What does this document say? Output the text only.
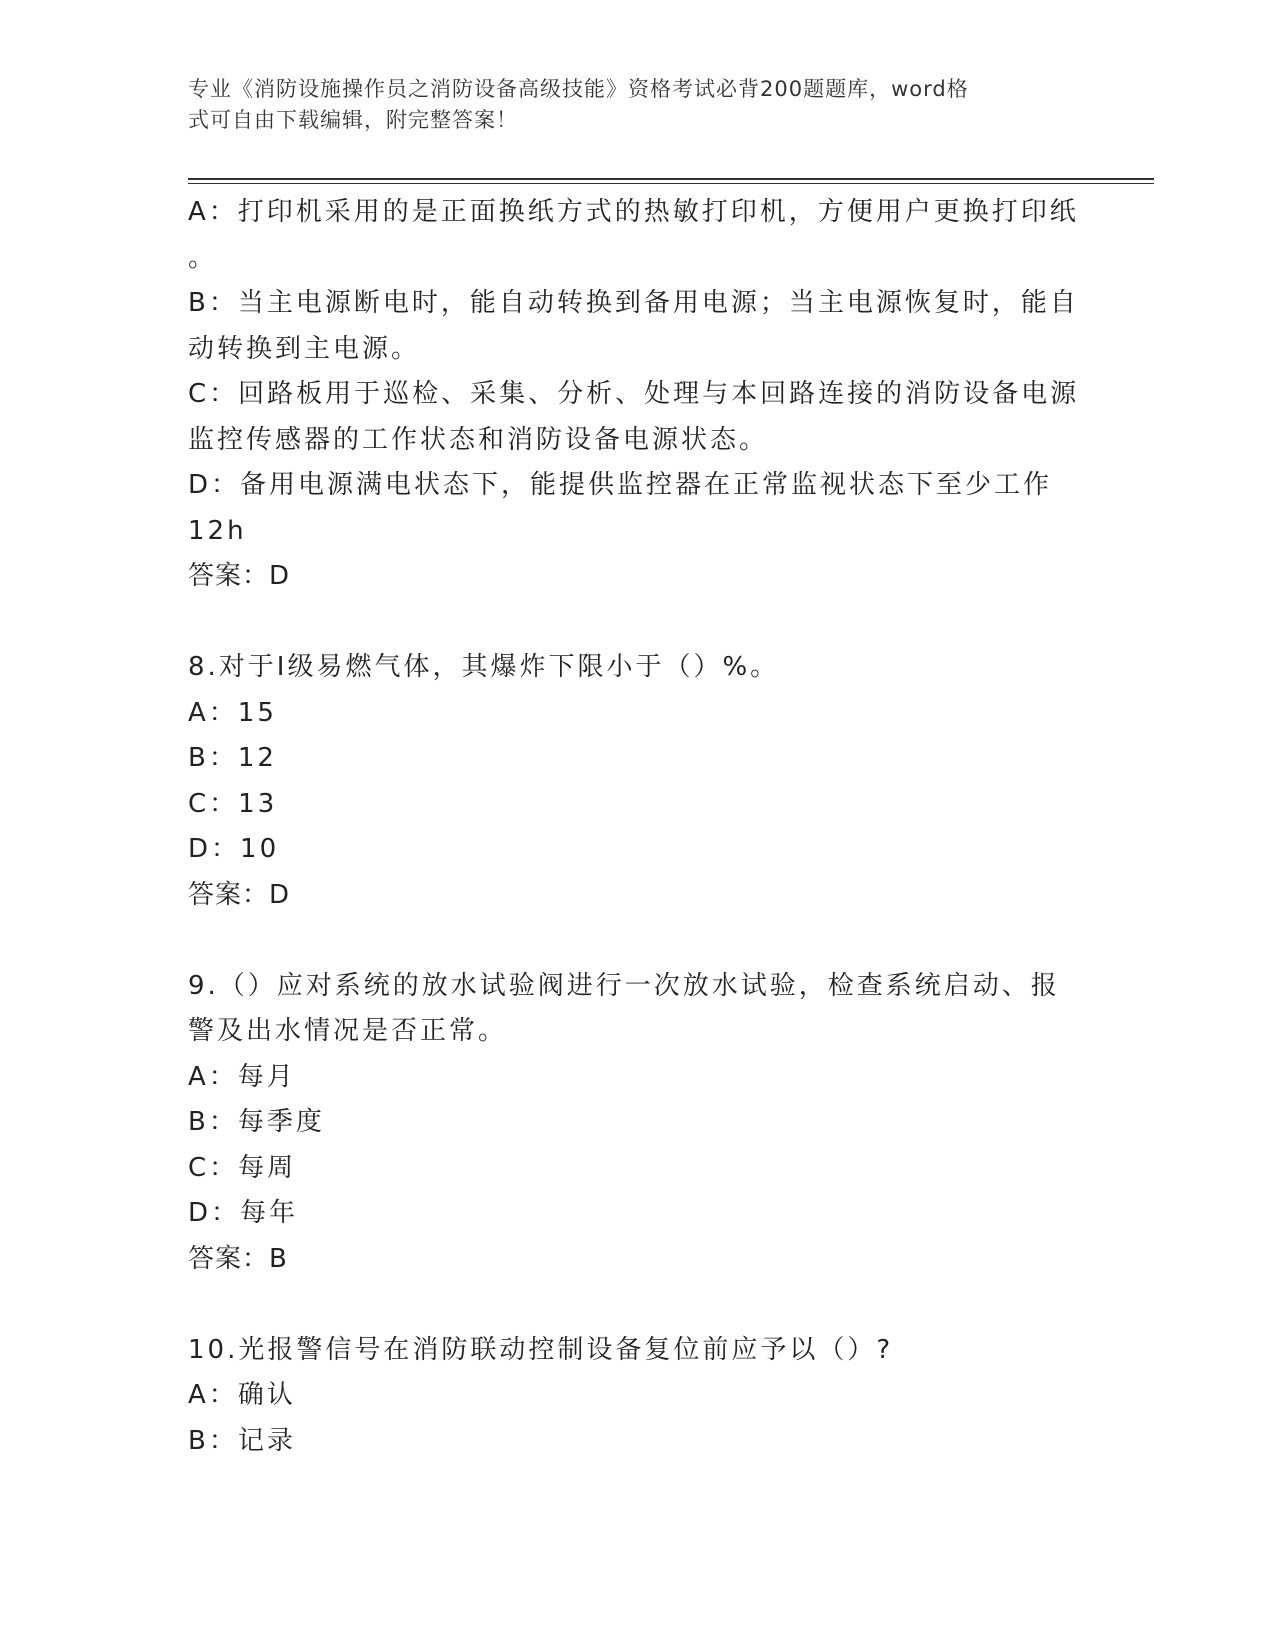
专业《消防设施操作员之消防设备高级技能》资格考试必背200题题库，word格
式可自由下载编辑，附完整答案！
A：打印机采用的是正面换纸方式的热敏打印机，方便用户更换打印纸
。
B：当主电源断电时，能自动转换到备用电源；当主电源恢复时，能自
动转换到主电源。
C：回路板用于巡检、采集、分析、处理与本回路连接的消防设备电源
监控传感器的工作状态和消防设备电源状态。
D：备用电源满电状态下，能提供监控器在正常监视状态下至少工作
12h
答案：D
8.对于Ⅰ级易燃气体，其爆炸下限小于（）%。
A：15
B：12
C：13
D：10
答案：D
9.（）应对系统的放水试验阀进行一次放水试验，检查系统启动、报
警及出水情况是否正常。
A：每月
B：每季度
C：每周
D：每年
答案：B
10.光报警信号在消防联动控制设备复位前应予以（）?
A：确认
B：记录
